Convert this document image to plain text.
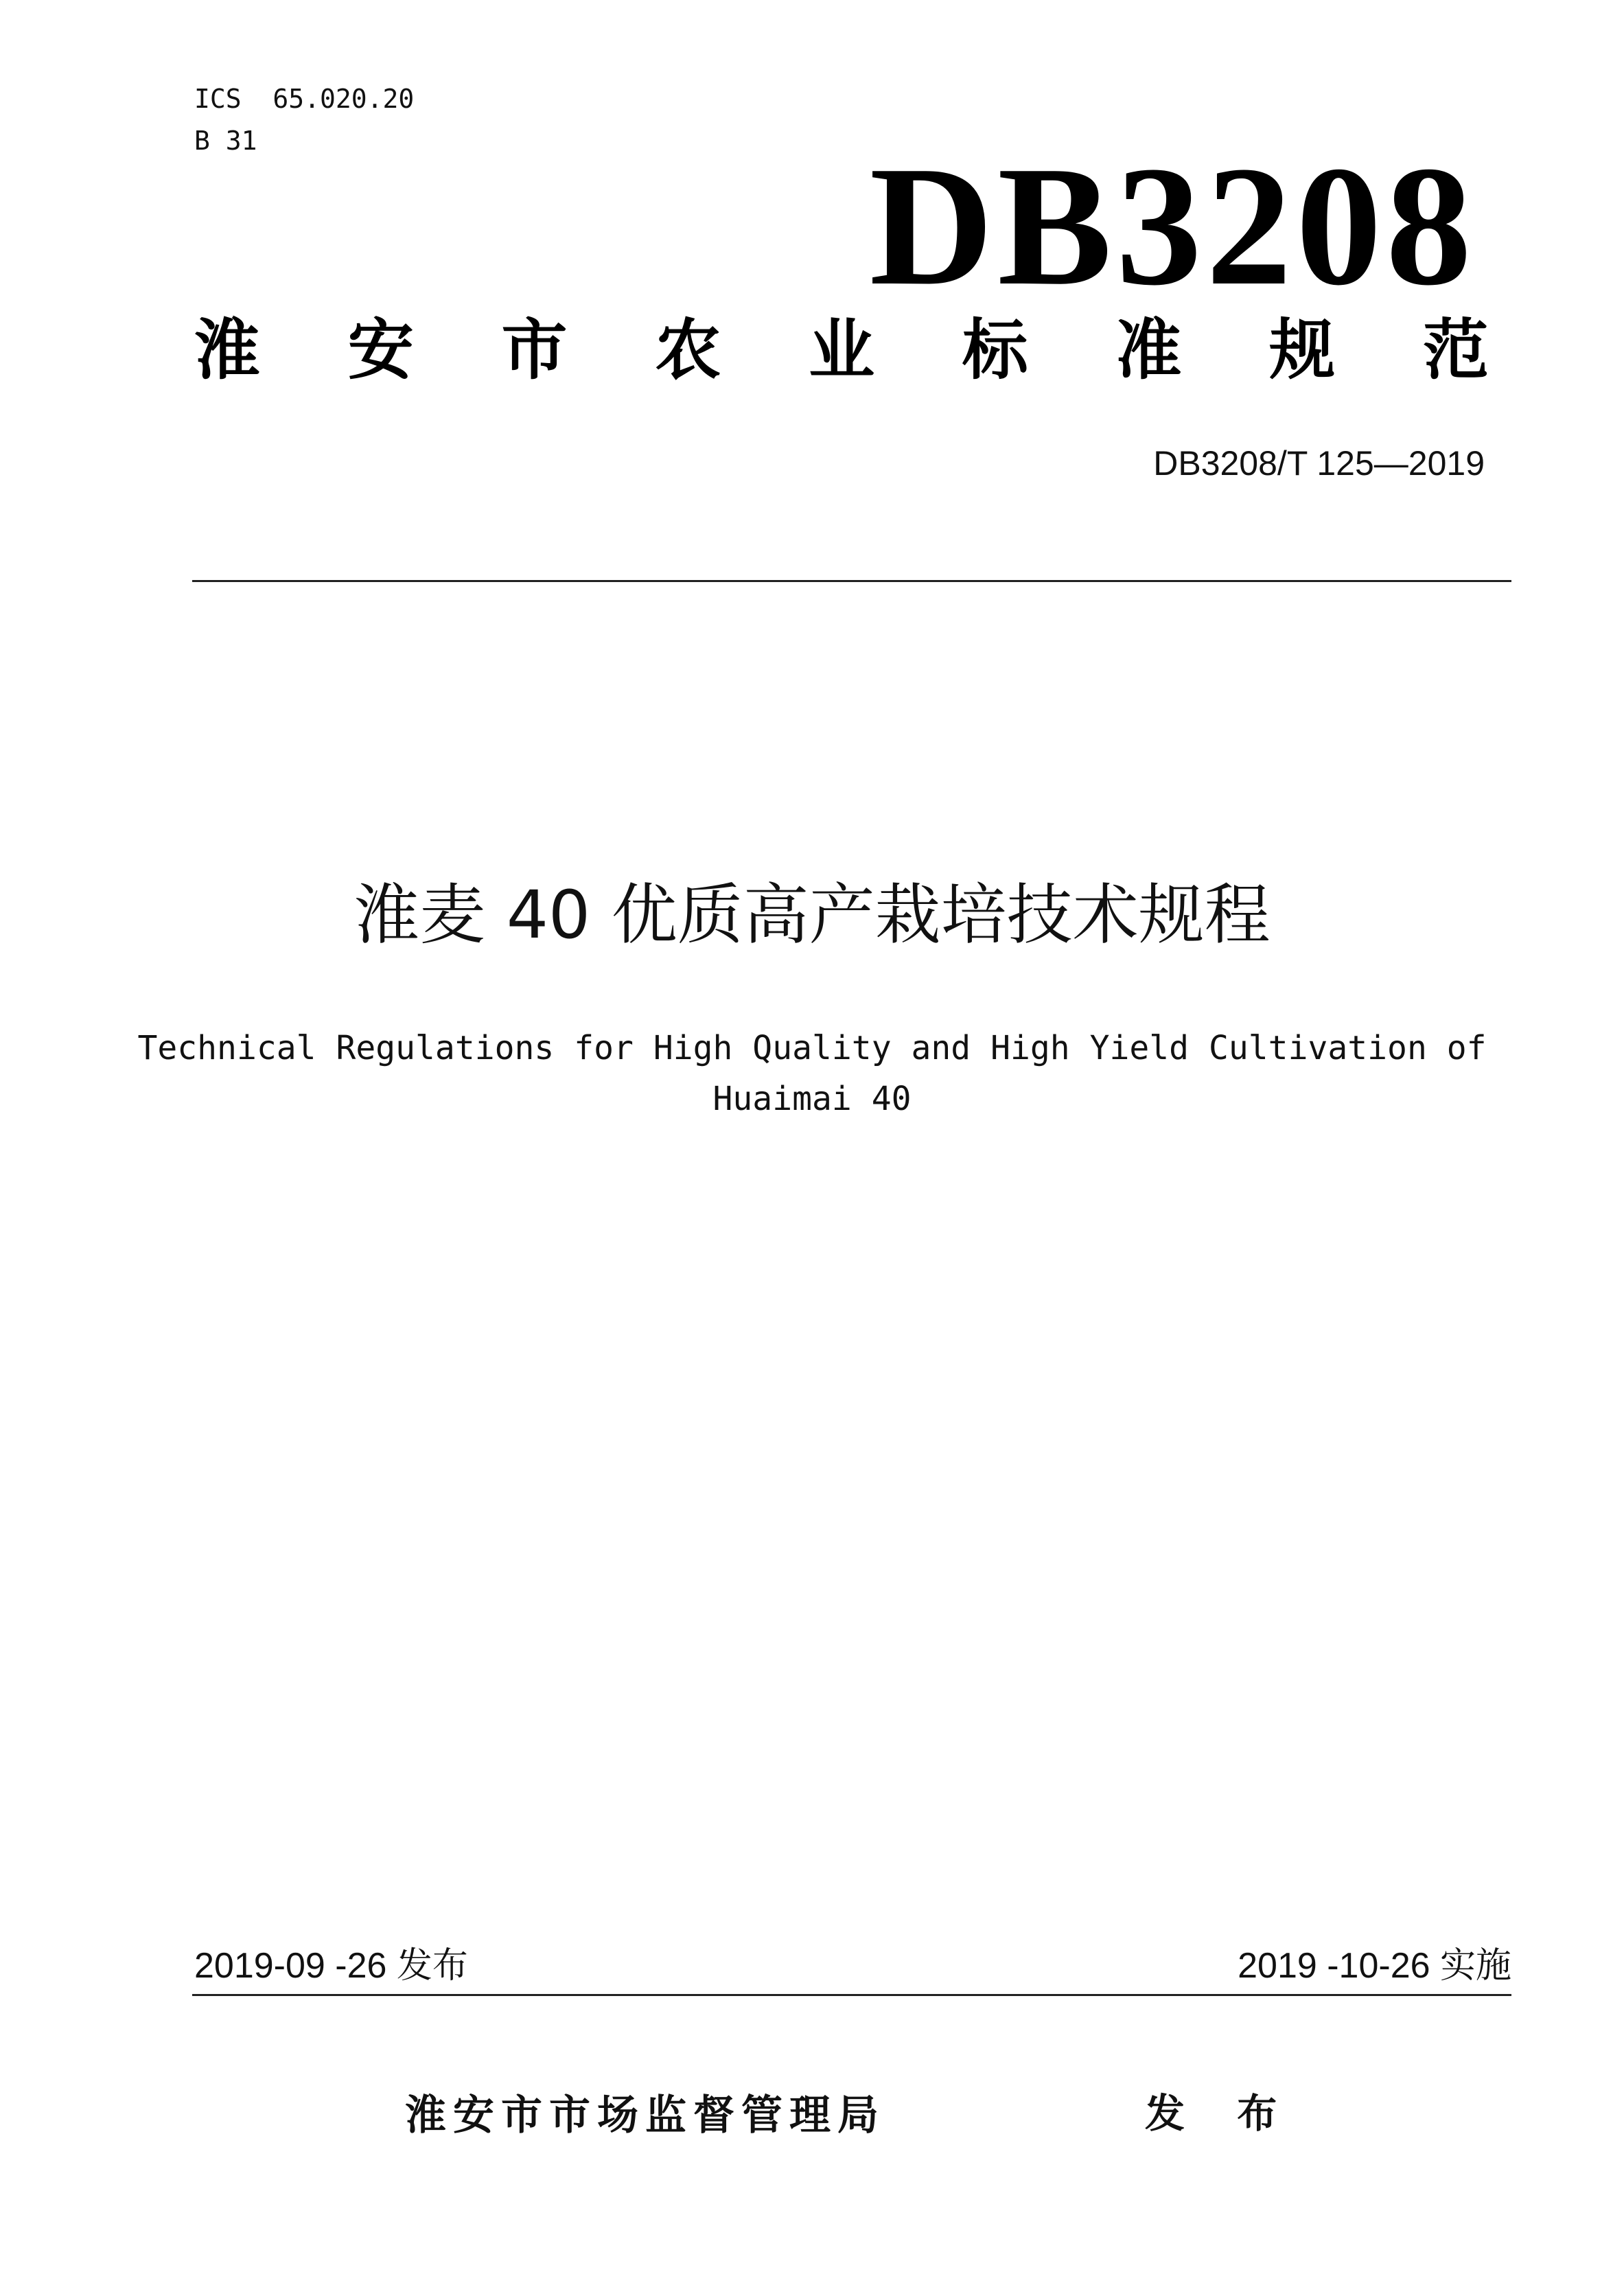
ICS  65.020.20
B 31	DB3208
淮 安 市 农 业 标 准 规 范
DB3208/T 125—2019
淮麦 40 优质高产栽培技术规程
Technical Regulations for High Quality and High Yield Cultivation of
Huaimai 40
2019-09 -26 发布	2019 -10-26 实施
淮安市市场监督管理局	发 布
